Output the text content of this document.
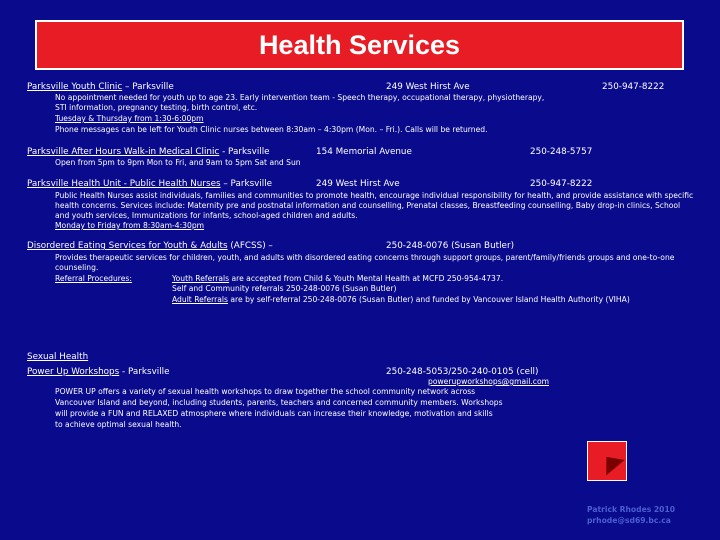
Health Services
Parksville Youth Clinic – Parksville	249 West Hirst Ave	250-947-8222
No appointment needed for youth up to age 23. Early intervention team - Speech therapy, occupational therapy, physiotherapy,
STI information, pregnancy testing, birth control, etc.
Tuesday & Thursday from 1:30-6:00pm
Phone messages can be left for Youth Clinic nurses between 8:30am – 4:30pm (Mon. – Fri.). Calls will be returned.
Parksville After Hours Walk-in Medical Clinic - Parksville	154 Memorial Avenue	250-248-5757
Open from 5pm to 9pm Mon to Fri, and 9am to 5pm Sat and Sun
Parksville Health Unit - Public Health Nurses – Parksville	249 West Hirst Ave	250-947-8222
Public Health Nurses assist individuals, families and communities to promote health, encourage individual responsibility for health, and provide assistance with specific health concerns. Services include: Maternity pre and postnatal information and counselling, Prenatal classes, Breastfeeding counselling, Baby drop-in clinics, School and youth services, Immunizations for infants, school-aged children and adults.
Monday to Friday from 8:30am-4:30pm
Disordered Eating Services for Youth & Adults (AFCSS) –	250-248-0076 (Susan Butler)
Provides therapeutic services for children, youth, and adults with disordered eating concerns through support groups, parent/family/friends groups and one-to-one counseling.
Referral Procedures:	Youth Referrals are accepted from Child & Youth Mental Health at MCFD 250-954-4737.
Self and Community referrals 250-248-0076 (Susan Butler)
Adult Referrals are by self-referral 250-248-0076 (Susan Butler) and funded by Vancouver Island Health Authority (VIHA)
Sexual Health
Power Up Workshops - Parksville	250-248-5053/250-240-0105 (cell)
powerupworkshops@gmail.com
POWER UP offers a variety of sexual health workshops to draw together the school community network across
Vancouver Island and beyond, including students, parents, teachers and concerned community members. Workshops
will provide a FUN and RELAXED atmosphere where individuals can increase their knowledge, motivation and skills
to achieve optimal sexual health.
Patrick Rhodes 2010
prhode@sd69.bc.ca
